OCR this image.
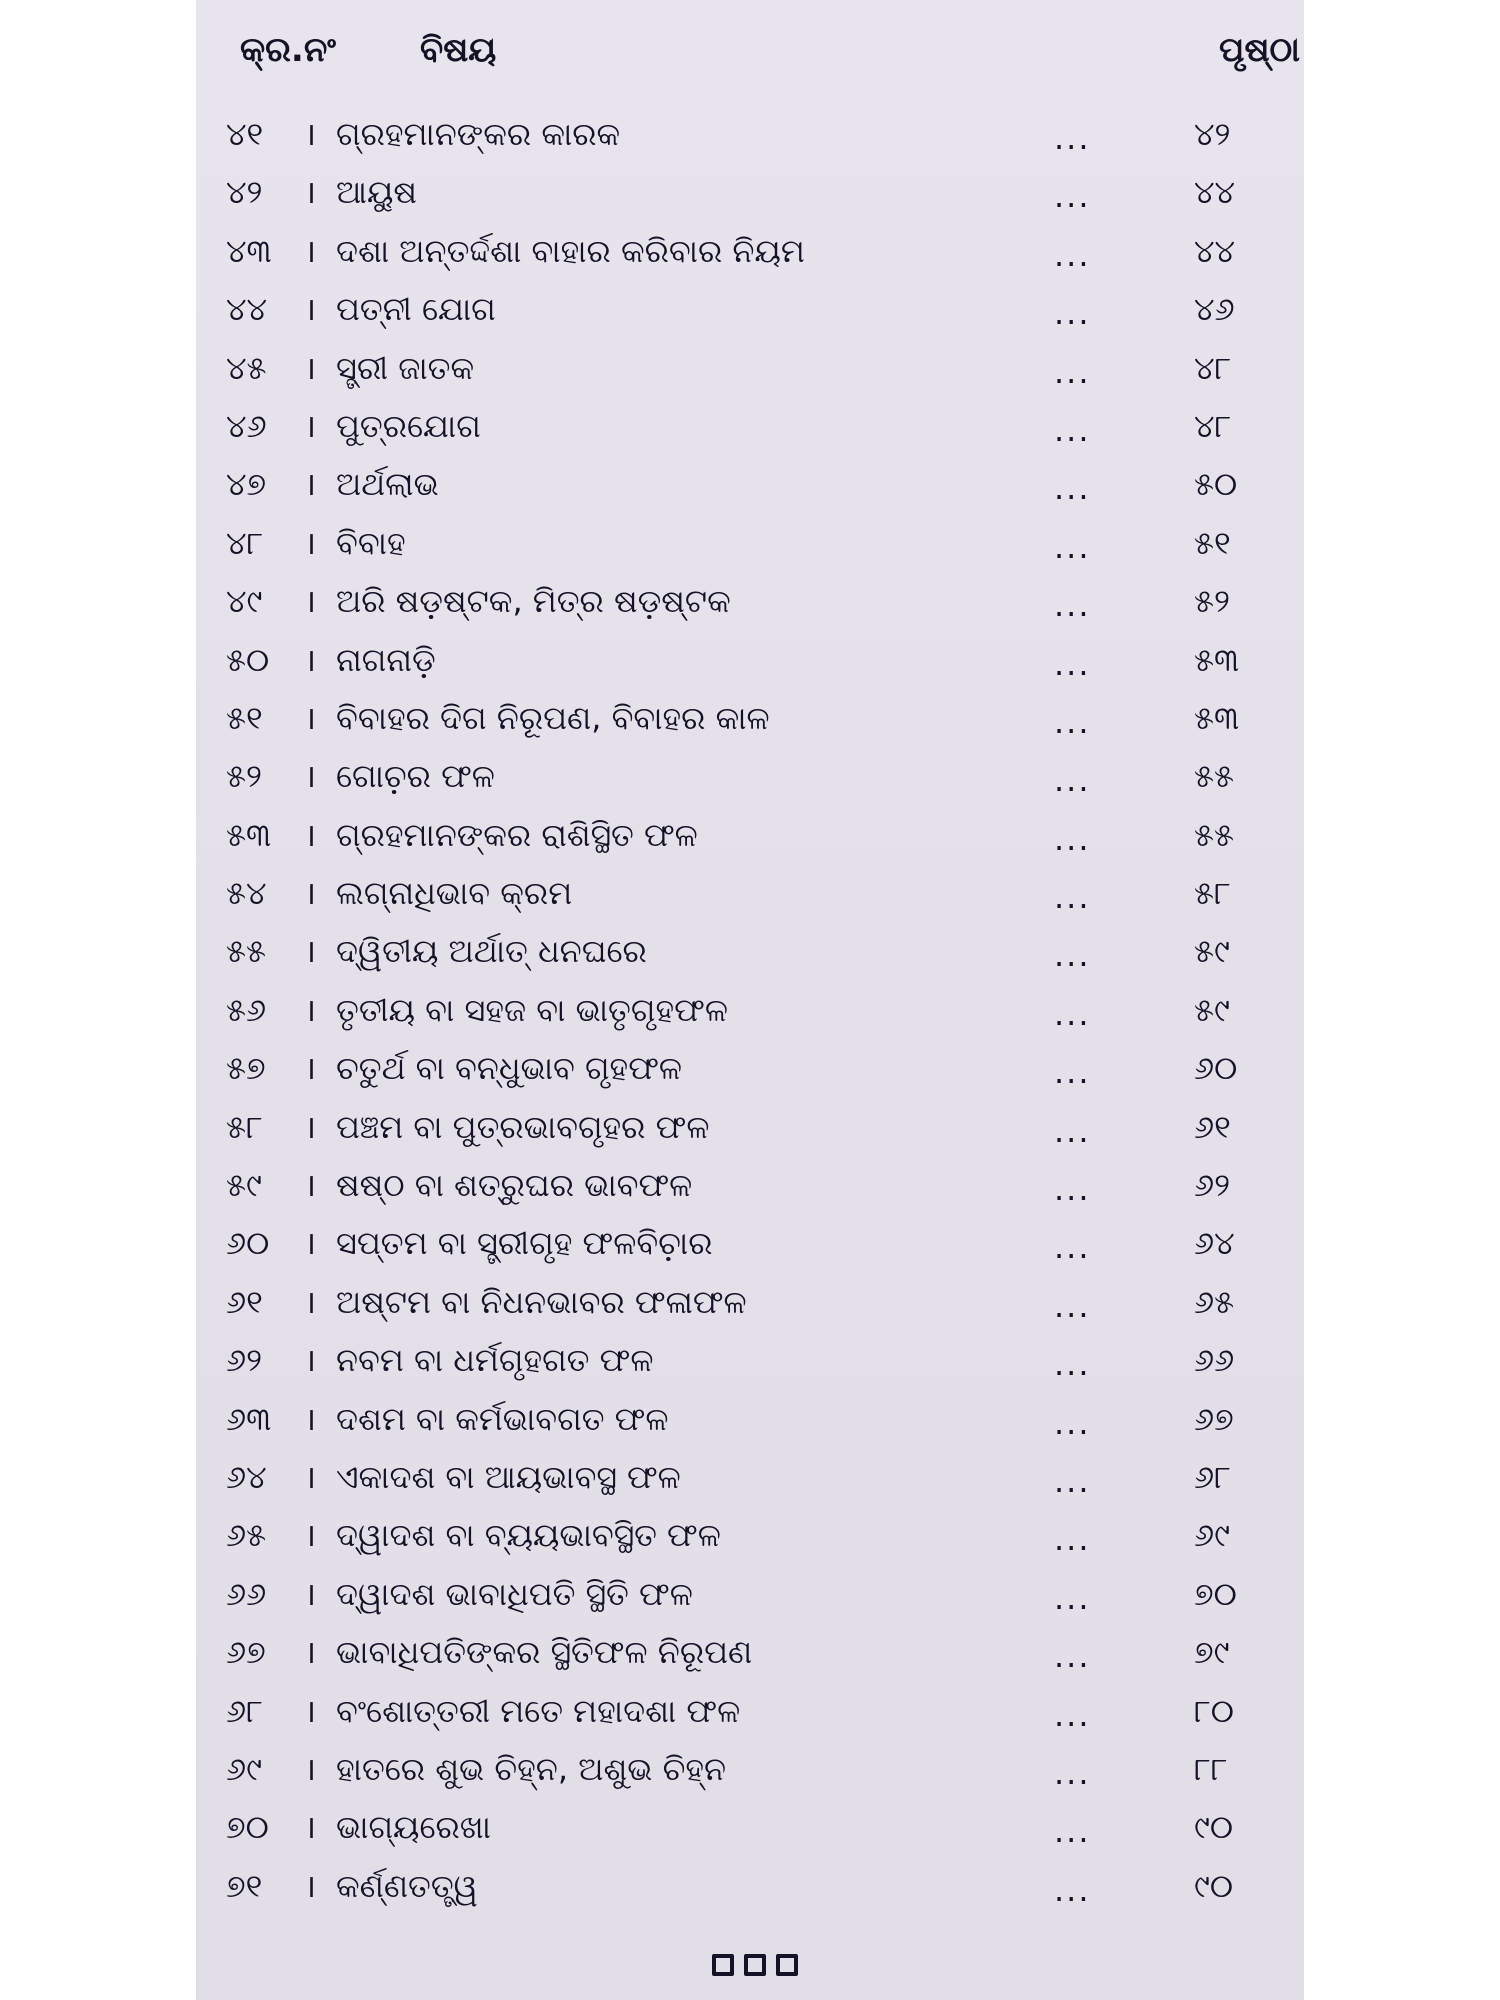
କ୍ର.ନଂ ବିଷୟ	ପୃଷ୍ଠା
୪୧	। ଗ୍ରହମାନଙ୍କର କାରକ	...	୪୨
୪୨	। ଆୟୁଷ	...	୪୪
୪୩	। ଦଶା ଅନ୍ତର୍ଦ୍ଦଶା ବାହାର କରିବାର ନିୟମ	...	୪୪
୪୪	। ପତ୍ନୀ ଯୋଗ	...	୪୬
୪୫	। ସ୍ତ୍ରୀ ଜାତକ	...	୪୮
୪୬	। ପୁତ୍ରଯୋଗ	...	୪୮
୪୭	। ଅର୍ଥଲାଭ	...	୫୦
୪୮	। ବିବାହ	...	୫୧
୪୯	। ଅରି ଷଡ଼ଷ୍ଟକ, ମିତ୍ର ଷଡ଼ଷ୍ଟକ	...	୫୨
୫୦	। ନାଗନାଡ଼ି	...	୫୩
୫୧	। ବିବାହର ଦିଗ ନିରୂପଣ, ବିବାହର କାଳ	...	୫୩
୫୨	। ଗୋଚ଼ର ଫଳ	...	୫୫
୫୩	। ଗ୍ରହମାନଙ୍କର ରାଶିସ୍ଥିତ ଫଳ	...	୫୫
୫୪	। ଲଗ୍ନାଧିଭାବ କ୍ରମ	...	୫୮
୫୫	। ଦ୍ୱିତୀୟ ଅର୍ଥାତ୍ ଧନଘରେ	...	୫୯
୫୬	। ତୃତୀୟ ବା ସହଜ ବା ଭାତୃଗୃହଫଳ	...	୫୯
୫୭	। ଚତୁର୍ଥ ବା ବନ୍ଧୁଭାବ ଗୃହଫଳ	...	୬୦
୫୮	। ପଞ୍ଚମ ବା ପୁତ୍ରଭାବଗୃହର ଫଳ	...	୬୧
୫୯	। ଷଷ୍ଠ ବା ଶତ୍ରୁଘର ଭାବଫଳ	...	୬୨
୬୦	। ସପ୍ତମ ବା ସ୍ତ୍ରୀଗୃହ ଫଳବିଚ଼ାର	...	୬୪
୬୧	। ଅଷ୍ଟମ ବା ନିଧନଭାବର ଫଳାଫଳ	...	୬୫
୬୨	। ନବମ ବା ଧର୍ମଗୃହଗତ ଫଳ	...	୬୬
୬୩	। ଦଶମ ବା କର୍ମଭାବଗତ ଫଳ	...	୬୭
୬୪	। ଏକାଦଶ ବା ଆୟଭାବସ୍ଥ ଫଳ	...	୬୮
୬୫	। ଦ୍ୱାଦଶ ବା ବ୍ୟୟଭାବସ୍ଥିତ ଫଳ	...	୬୯
୬୬	। ଦ୍ୱାଦଶ ଭାବାଧିପତି ସ୍ଥିତି ଫଳ	...	୭୦
୬୭	। ଭାବାଧିପତିଙ୍କର ସ୍ଥିତିଫଳ ନିରୂପଣ	...	୭୯
୬୮	। ବଂଶୋତ୍ତରୀ ମତେ ମହାଦଶା ଫଳ	...	୮୦
୬୯	। ହାତରେ ଶୁଭ ଚିହ୍ନ, ଅଶୁଭ ଚିହ୍ନ	...	୮୮
୭୦	। ଭାଗ୍ୟରେଖା	...	୯୦
୭୧	। କର୍ଣ୍ଣତତ୍ତ୍ୱ	...	୯୦
